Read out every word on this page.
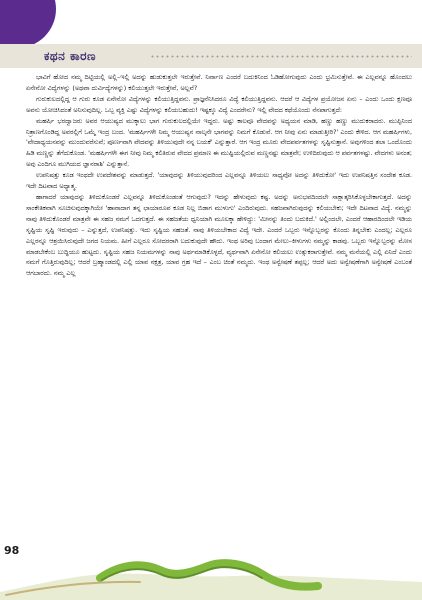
ಕಥನ ಕಾರಣ

ಭಾವಿಗೆ ಹೋದ ನಮ್ಮ ದಿಟ್ಟಿಯಲ್ಲಿ ಅಲ್ಲಿ–ಇಲ್ಲಿ ಅದನ್ನು ಹುಡುಕುತ್ತಲೇ ಇರುತ್ತೇವೆ. ನಿರ್ವಾಣ ಎಂದರೆ ಬದುಕಿನಿಂದ ಓಡಿಹೋಗುವುದು ಎಂದು ಭ್ರಮಿಸುತ್ತೇವೆ. ಈ ಎಲ್ಲವನ್ನೂ ಹೊಂದಲು ಏನೇನೋ ವಿದ್ಯೆಗಳನ್ನು (ಅಥವಾ ದುರ್ವಿದ್ಯೆಗಳನ್ನು) ಕಲಿಯುತ್ತಲೇ ಇರುತ್ತೇವೆ, ಅಲ್ಲವೆ?

ಗುರುಕುಲದಲ್ಲಿದ್ದ ಆ ಗುರು ಕೂಡ ಏನೇನೋ ವಿದ್ಯೆಗಳನ್ನು ಕಲಿಯುತ್ತಿದ್ದವನು. ಪ್ರಾಜ್ಞನೆನಿಸಿದರೂ ವಿದ್ಯೆ ಕಲಿಯುತ್ತಿದ್ದವನು. ಆದರೆ ಆ ವಿದ್ಯೆಗಳ ಪ್ರಯೋಜನ ಏನು – ಎಂದು ಒಂದು ಕ್ಷಣವೂ ಅವನು ಯೋಚಿಸಿದಂತೆ ಅನಿಸುವುದಿಲ್ಲ. ಒಬ್ಬ ವ್ಯಕ್ತಿ ಎಷ್ಟು ವಿದ್ಯೆಗಳನ್ನು ಕಲಿಯಬಹುದು! ಇಷ್ಟಕ್ಕೂ ವಿದ್ಯೆ ಎಂದರೇನು? ಇಲ್ಲಿ ವೇದದ ಕಥೆಯೊಂದು ನೆನಪಾಗುತ್ತದೆ:

ಮಹರ್ಷಿ ಭರದ್ವಾಜರು ಅವರ ಆಯುಷ್ಯದ ಮುಕ್ಕಾಲು ಭಾಗ ಗುರುಕುಲದಲ್ಲಿಯೇ ಇದ್ದರು. ಅಷ್ಟು ಕಾಲವೂ ವೇದವನ್ನು ಅಧ್ಯಯನ ಮಾಡಿ, ಹಣ್ಣು ಹಣ್ಣು ಮುದುಕರಾದರು. ಮುಪ್ಪಿನಿಂದ ನಿತ್ರಾಣಗೊಂಡಿದ್ದ ಅವರಲ್ಲಿಗೆ ಒಮ್ಮೆ ಇಂದ್ರ ಬಂದ. 'ಮಹರ್ಷಿಗಳೇ ನಿಮ್ಮ ಆಯುಷ್ಯನ ನಾಲ್ಕನೇ ಭಾಗವನ್ನು ನಿಮಗೆ ಕೊಡುವೆ. ಆಗ ನೀವು ಏನು ಮಾಡುತ್ತೀರಿ?' ಎಂದು ಕೇಳಿದ. ಆಗ ಮಹರ್ಷಿಗಳು, 'ವೇದಾಧ್ಯಯನವನ್ನು ಮುಂದುವರೆಸುವೆ; ಪೂರ್ಣವಾಗಿ ವೇದವನ್ನು ತಿಳಿಯುವುದೇ ನನ್ನ ಬಯಕೆ' ಎನ್ನುತ್ತಾರೆ. ಆಗ ಇಂದ್ರ ಮೂರು ವೇದಪರ್ವತಗಳನ್ನು ಸೃಷ್ಟಿಸುತ್ತಾನೆ. ಅವುಗಳಿಂದ ತಲಾ ಒಂದೊಂದು ಹಿಡಿ ಮಣ್ಣನ್ನು ತೆಗೆದುಕೊಂಡ. 'ಮಹರ್ಷಿಗಳೇ ಈಗ ನೀವು ನಿಮ್ಮ ಕಲಿತಿರುವ ವೇದದ ಪ್ರಮಾಣ ಈ ಮುಷ್ಟಿಯಲ್ಲಿರುವ ಮಣ್ಣನಷ್ಟು ಮಾತ್ರವೇ; ಉಳಿದಿರುವುದು ಆ ಪರ್ವತಗಳಷ್ಟು. ವೇದಗಳು ಅನಂತ; ಅವು ಎಂದಿಗೂ ಮುಗಿಯದ ಜ್ಞಾನರಾಶಿ' ಎನ್ನುತ್ತಾನೆ.

ಉಪನಿಷತ್ತು ಕೂಡ ಇಂಥದೇ ಉಪದೇಶವನ್ನು ಮಾಡುತ್ತದೆ. 'ಯಾವುದನ್ನು ತಿಳಿಯುವುದರಿಂದ ಎಲ್ಲವನ್ನೂ ತಿಳಿಯಲು ಸಾಧ್ಯವೋ ಅದನ್ನು ತಿಳಿದುಕೋ' ಇದು ಉಪನಿಷತ್ತಿನ ಸಂದೇಶ ಕೂಡ. ಇದೇ ದಿಟವಾದ ಅಧ್ಯಾತ್ಮ.

ಹಾಗಾದರೆ ಯಾವುದನ್ನು ತಿಳಿದುಕೊಂಡರೆ ಎಲ್ಲವನ್ನೂ ತಿಳಿದುಕೊಂಡಂತೆ ಆಗುವುದು? ಇದನ್ನು ಹೇಳುವುದು ಕಷ್ಟ. ಅದನ್ನು ಅನುಭವದಿಂದಲೇ ಸಾಕ್ಷಾತ್ಕರಿಸಿಕೊಳ್ಳಬೇಕಾಗುತ್ತದೆ. ಅದನ್ನು ಸಾಂಕೇತಿಕವಾಗಿ ಸೂಚಿಸುವುದಕ್ಕಾಗಿಯೇ 'ಹಾವಾದಾಗ ತನ್ನ ಛಾಯಾರೂಪ ಕೂಡ ನಿಲ್ಲ ಬಿಡಾಗ ಮುಳುಗು' ಎಂದಿರುವುದು. ಸಹಜವಾಗಿರುವುದನ್ನು ಕಲಿಯಬೇಕು; ಇದೇ ದಿಟವಾದ ವಿದ್ಯೆ. ನಮ್ಮನ್ನು ನಾವು ತಿಳಿದುಕೊಂಡರೆ ಮಾತ್ರವೇ ಈ ಸಹಜ ನಮಗೆ ಒದಗುತ್ತದೆ. ಈ ಸಹಜತೆಯ ಧ್ವನಿಯಾಗಿ ಮೂಲಕ್ಕಾ ಹೇಳಿದ್ದು: 'ಮೀನನ್ನು ತಿಂದು ಬದುಕಿದೆ.' ಅಲ್ಲಿಂದಲೇ, ಎಂದರೆ ಆಹಾರದಿಂದಲೇ ಇಡಿಯ ಸೃಷ್ಟಿಯ ಸೃಷ್ಟಿ ಇರುವುದು – ಎನ್ನುತ್ತದೆ, ಉಪನಿಷತ್ತು. ಇದು ಸೃಷ್ಟಿಯ ಸಹಜತೆ. ನಾವು ತಿಳಿಯಬೇಕಾದ ವಿದ್ಯೆ ಇದೇ. ಎಂದರೆ ಒಬ್ಬರು ಇನ್ನೊಬ್ಬರನ್ನು ಕೊಂದು ತಿನ್ನಬೇಕು ಎಂದಲ್ಲ; ಎಲ್ಲರೂ ಎಲ್ಲರನ್ನೂ ಆಶ್ರಯಿಸಿರುವುದೇ ಜಗದ ನಿಯಮ. ಹೀಗೆ ಎಲ್ಲರೂ ಸೋದರರಾಗಿ ಬದುಕುವುದೇ ಹೌದು. ಇಂಥ ಅರಿವು ಬಂದಾಗ ಮೇಲು–ಕೀಳುಗಳು ನಮ್ಮನ್ನು ಕಾಡವು. ಒಬ್ಬರು ಇನ್ನೊಬ್ಬರನ್ನು ಮೋಸ ಮಾಡಬೇಕೆಂಬ ಬುದ್ಧಿಯೂ ಹುಟ್ಟದು. ಸೃಷ್ಟಿಯ ಸಹಜ ನಿಯಮಗಳನ್ನು ನಾವು ಅರ್ಥಮಾಡಿಕೊಳ್ಳದೆ, ವ್ಯರ್ಥವಾಗಿ ಏನೇನೋ ಕಲಿಯಲು ಉತ್ಸುಕರಾಗುತ್ತೇವೆ. ನಮ್ಮ ಮನೆಯಲ್ಲಿ ಎಲ್ಲಿ ಏನಿದೆ ಎಂದು ನಮಗೆ ಗೊತ್ತಿರುವುದಿಲ್ಲ; ಆದರೆ ಬ್ರಹ್ಮಾಂಡದಲ್ಲಿ ಎಲ್ಲಿ ಯಾವ ನಕ್ಷತ್ರ, ಯಾವ ಗ್ರಹ ಇದೆ – ಎಂಬ ಚಿಂತೆ ನಮ್ಮದು. ಇಂಥ ಅನ್ವೇಷಣೆ ತಪ್ಪಲ್ಲ; ಆದರೆ ಅದು ಅನ್ವೇಷಣೆಗಾಗಿ ಅನ್ವೇಷಣೆ ಎಂಬಂತೆ ಆಗಬಾರದು. ನಮ್ಮ ಎಲ್ಲ

98
